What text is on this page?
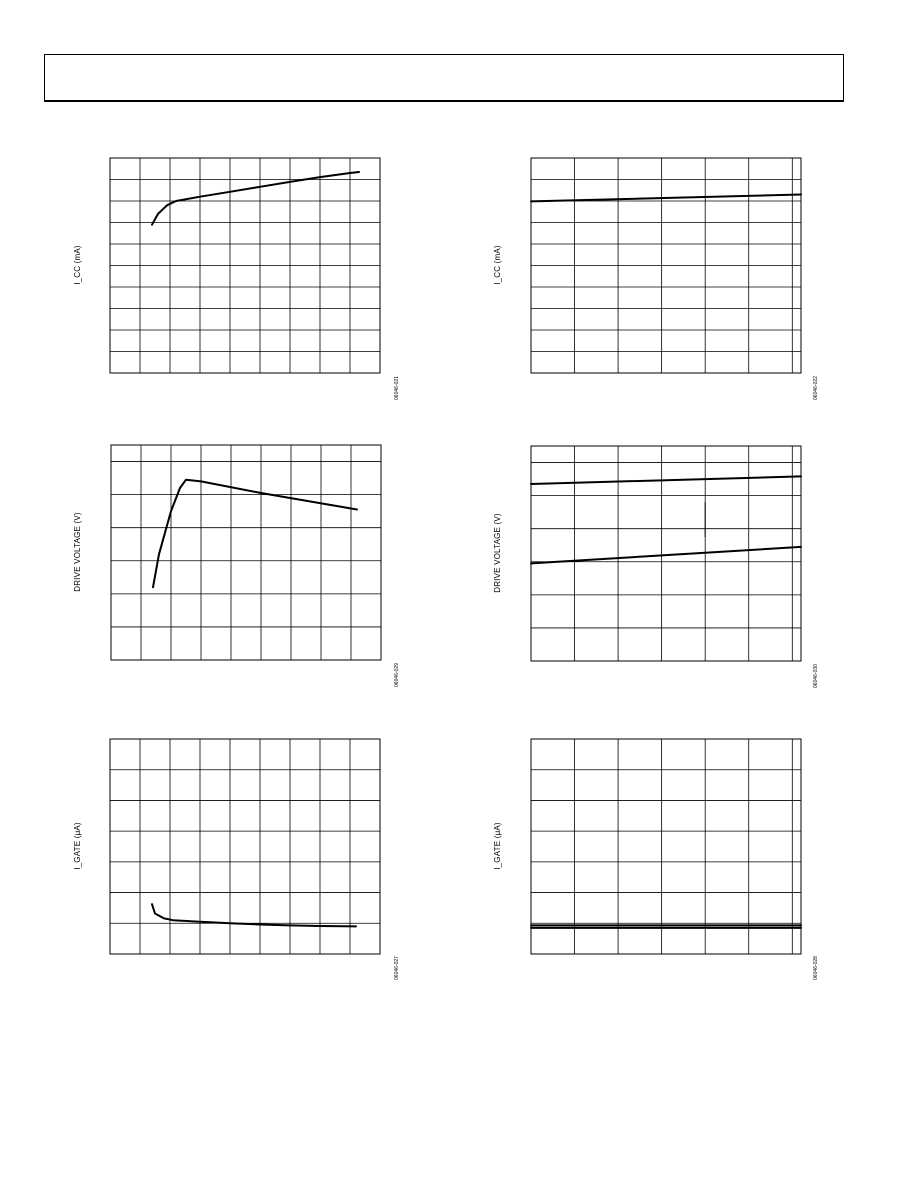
I_CC (mA)
06046-021
I_CC (mA)
06046-022
DRIVE VOLTAGE (V)
06046-029
DRIVE VOLTAGE (V)
06046-030
I_GATE (μA)
06046-027
I_GATE (μA)
06046-028
